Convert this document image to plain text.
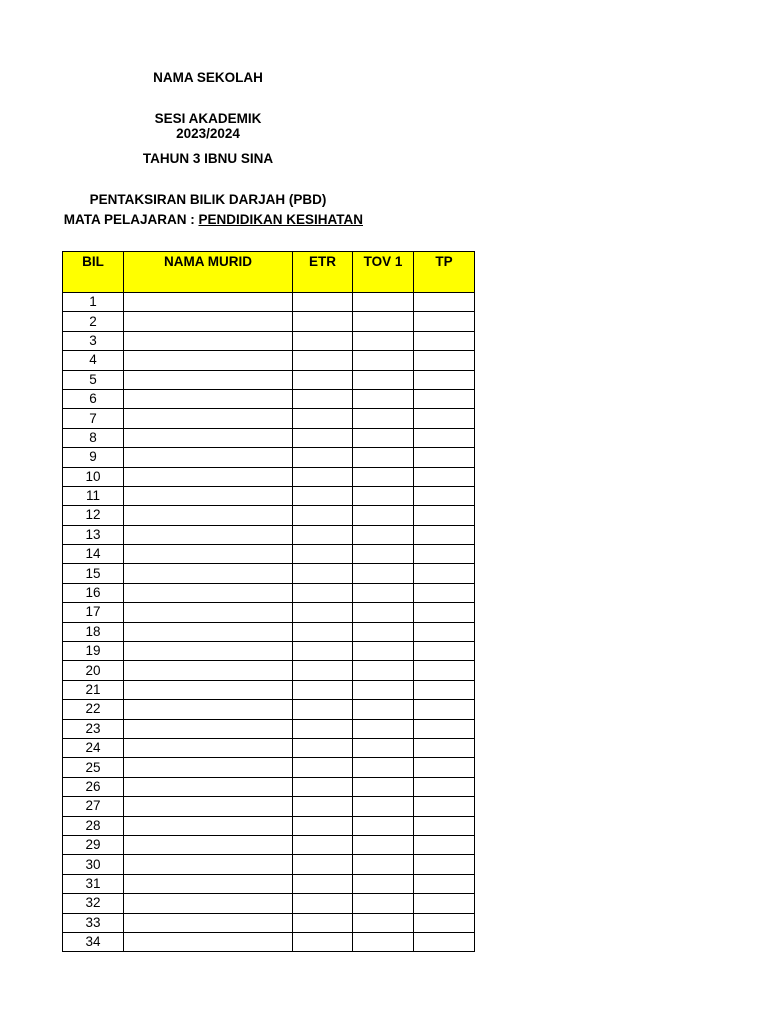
NAMA SEKOLAH
SESI AKADEMIK
2023/2024
TAHUN 3 IBNU SINA
PENTAKSIRAN BILIK DARJAH (PBD)
MATA PELAJARAN : PENDIDIKAN KESIHATAN
BIL	NAMA MURID	ETR	TOV 1	TP
1				
2				
3				
4				
5				
6				
7				
8				
9				
10				
11				
12				
13				
14				
15				
16				
17				
18				
19				
20				
21				
22				
23				
24				
25				
26				
27				
28				
29				
30				
31				
32				
33				
34				
